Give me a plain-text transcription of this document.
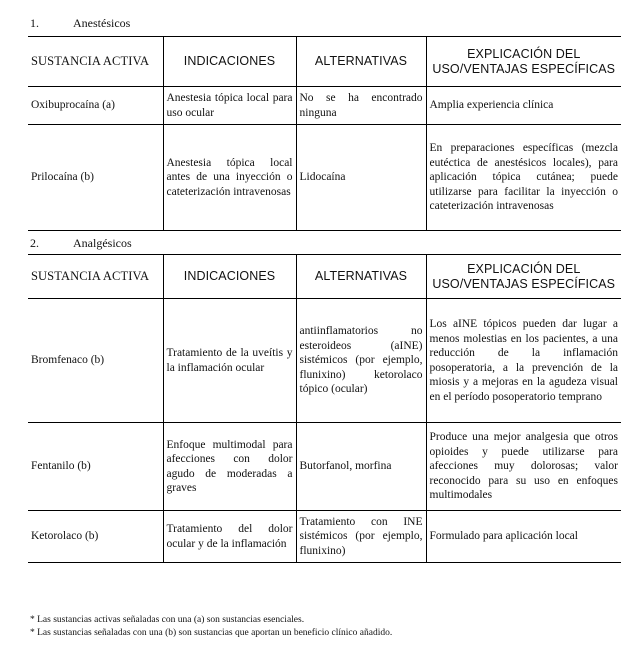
1.	Anestésicos
SUSTANCIA ACTIVA	INDICACIONES	ALTERNATIVAS	EXPLICACIÓN DEL USO/VENTAJAS ESPECÍFICAS
Oxibuprocaína (a)	Anestesia tópica local para uso ocular	No se ha encontrado ninguna	Amplia experiencia clínica
Prilocaína (b)	Anestesia tópica local antes de una inyección o cateterización intravenosas	Lidocaína	En preparaciones específicas (mezcla eutéctica de anestésicos locales), para aplicación tópica cutánea; puede utilizarse para facilitar la inyección o cateterización intravenosas
2.	Analgésicos
SUSTANCIA ACTIVA	INDICACIONES	ALTERNATIVAS	EXPLICACIÓN DEL USO/VENTAJAS ESPECÍFICAS
Bromfenaco (b)	Tratamiento de la uveítis y la inflamación ocular	antiinflamatorios no esteroideos (aINE) sistémicos (por ejemplo, flunixino) ketorolaco tópico (ocular)	Los aINE tópicos pueden dar lugar a menos molestias en los pacientes, a una reducción de la inflamación posoperatoria, a la prevención de la miosis y a mejoras en la agudeza visual en el período posoperatorio temprano
Fentanilo (b)	Enfoque multimodal para afecciones con dolor agudo de moderadas a graves	Butorfanol, morfina	Produce una mejor analgesia que otros opioides y puede utilizarse para afecciones muy dolorosas; valor reconocido para su uso en enfoques multimodales
Ketorolaco (b)	Tratamiento del dolor ocular y de la inflamación	Tratamiento con INE sistémicos (por ejemplo, flunixino)	Formulado para aplicación local
* Las sustancias activas señaladas con una (a) son sustancias esenciales.
* Las sustancias señaladas con una (b) son sustancias que aportan un beneficio clínico añadido.
